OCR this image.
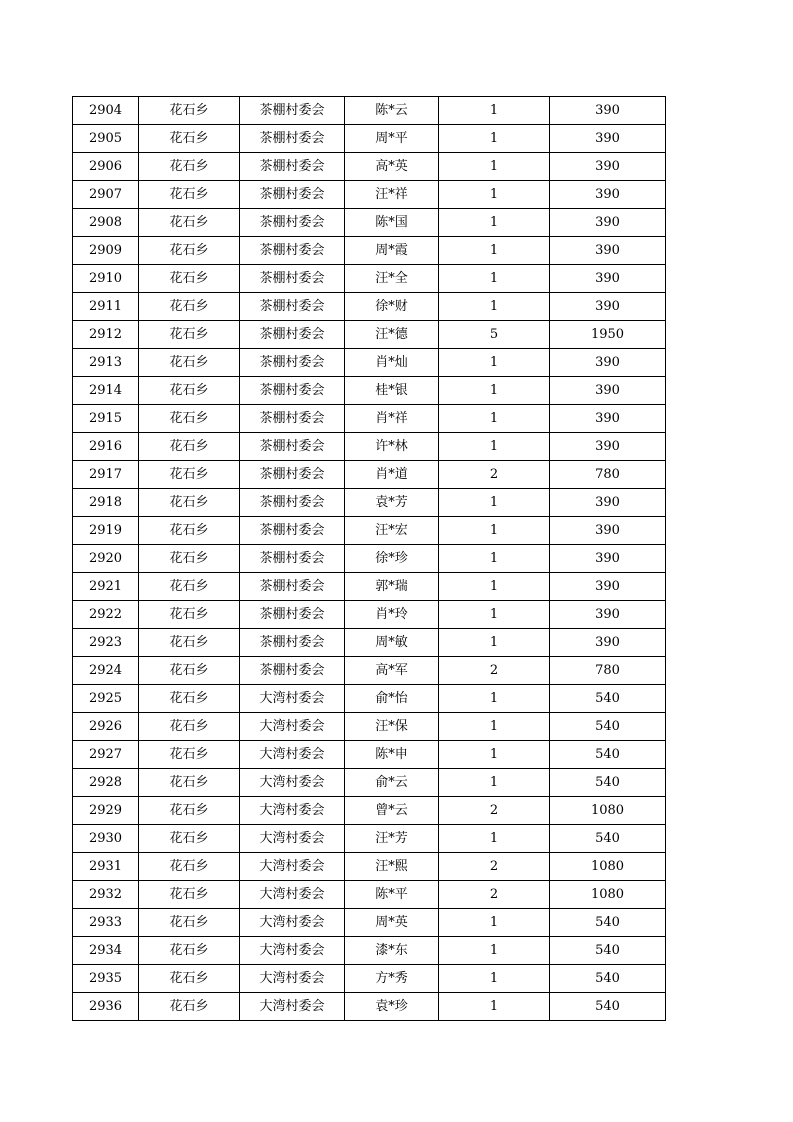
2904	花石乡	茶棚村委会	陈*云	1	390
2905	花石乡	茶棚村委会	周*平	1	390
2906	花石乡	茶棚村委会	高*英	1	390
2907	花石乡	茶棚村委会	汪*祥	1	390
2908	花石乡	茶棚村委会	陈*国	1	390
2909	花石乡	茶棚村委会	周*霞	1	390
2910	花石乡	茶棚村委会	汪*全	1	390
2911	花石乡	茶棚村委会	徐*财	1	390
2912	花石乡	茶棚村委会	汪*德	5	1950
2913	花石乡	茶棚村委会	肖*灿	1	390
2914	花石乡	茶棚村委会	桂*银	1	390
2915	花石乡	茶棚村委会	肖*祥	1	390
2916	花石乡	茶棚村委会	许*林	1	390
2917	花石乡	茶棚村委会	肖*道	2	780
2918	花石乡	茶棚村委会	袁*芳	1	390
2919	花石乡	茶棚村委会	汪*宏	1	390
2920	花石乡	茶棚村委会	徐*珍	1	390
2921	花石乡	茶棚村委会	郭*瑞	1	390
2922	花石乡	茶棚村委会	肖*玲	1	390
2923	花石乡	茶棚村委会	周*敏	1	390
2924	花石乡	茶棚村委会	高*军	2	780
2925	花石乡	大湾村委会	俞*怡	1	540
2926	花石乡	大湾村委会	汪*保	1	540
2927	花石乡	大湾村委会	陈*申	1	540
2928	花石乡	大湾村委会	俞*云	1	540
2929	花石乡	大湾村委会	曾*云	2	1080
2930	花石乡	大湾村委会	汪*芳	1	540
2931	花石乡	大湾村委会	汪*熙	2	1080
2932	花石乡	大湾村委会	陈*平	2	1080
2933	花石乡	大湾村委会	周*英	1	540
2934	花石乡	大湾村委会	漆*东	1	540
2935	花石乡	大湾村委会	方*秀	1	540
2936	花石乡	大湾村委会	袁*珍	1	540
